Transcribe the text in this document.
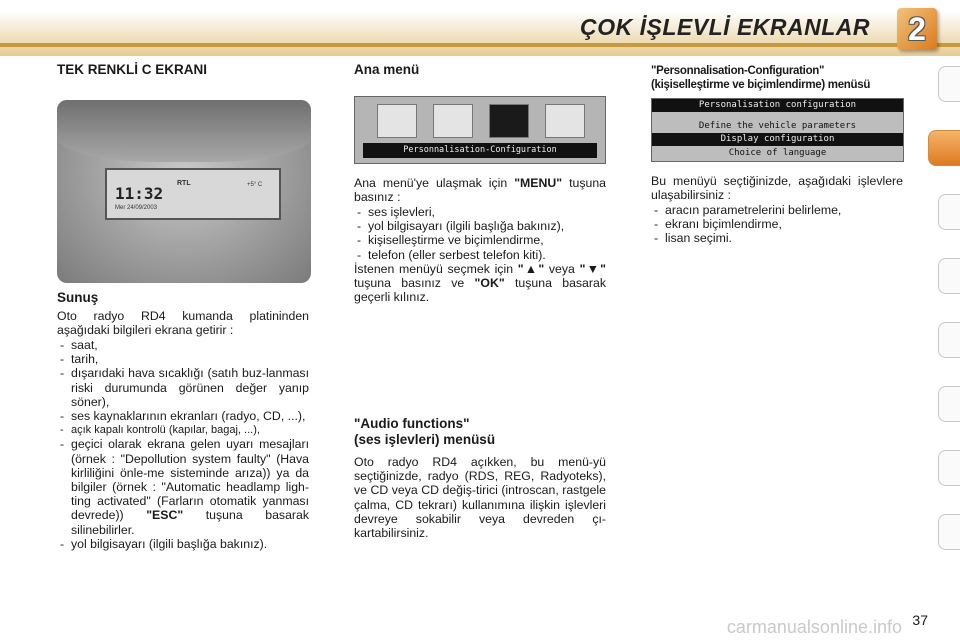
ÇOK İŞLEVLİ EKRANLAR	2
TEK RENKLİ C EKRANI
11:32
Mer 24/09/2003
RTL	+5° C
Sunuş
Oto radyo RD4 kumanda platininden aşağıdaki bilgileri ekrana getirir :
- saat,
- tarih,
- dışarıdaki hava sıcaklığı (satıh buz-lanması riski durumunda görünen değer yanıp söner),
- ses kaynaklarının ekranları (radyo, CD, ...),
- açık kapalı kontrolü (kapılar, bagaj, ...),
- geçici olarak ekrana gelen uyarı mesajları (örnek : "Depollution system faulty" (Hava kirliliğini önle-me sisteminde arıza)) ya da bilgiler (örnek : "Automatic headlamp ligh-ting activated" (Farların otomatik yanması devrede)) "ESC" tuşuna basarak silinebilirler.
- yol bilgisayarı (ilgili başlığa bakınız).
Ana menü
Personnalisation-Configuration
Ana menü'ye ulaşmak için "MENU" tuşuna basınız :
- ses işlevleri,
- yol bilgisayarı (ilgili başlığa bakınız),
- kişiselleştirme ve biçimlendirme,
- telefon (eller serbest telefon kiti).
İstenen menüyü seçmek için "▲" veya "▼" tuşuna basınız ve "OK" tuşuna basarak geçerli kılınız.
"Audio functions"
(ses işlevleri) menüsü
Oto radyo RD4 açıkken, bu menü-yü seçtiğinizde, radyo (RDS, REG, Radyoteks), ve CD veya CD değiş-tirici (introscan, rastgele çalma, CD tekrarı) kullanımına ilişkin işlevleri devreye sokabilir veya devreden çı-kartabilirsiniz.
"Personnalisation-Configuration"
(kişiselleştirme ve biçimlendirme) menüsü
Personalisation configuration
Define the vehicle parameters
Display configuration
Choice of language
Bu menüyü seçtiğinizde, aşağıdaki işlevlere ulaşabilirsiniz :
- aracın parametrelerini belirleme,
- ekranı biçimlendirme,
- lisan seçimi.
carmanualsonline.info 37
